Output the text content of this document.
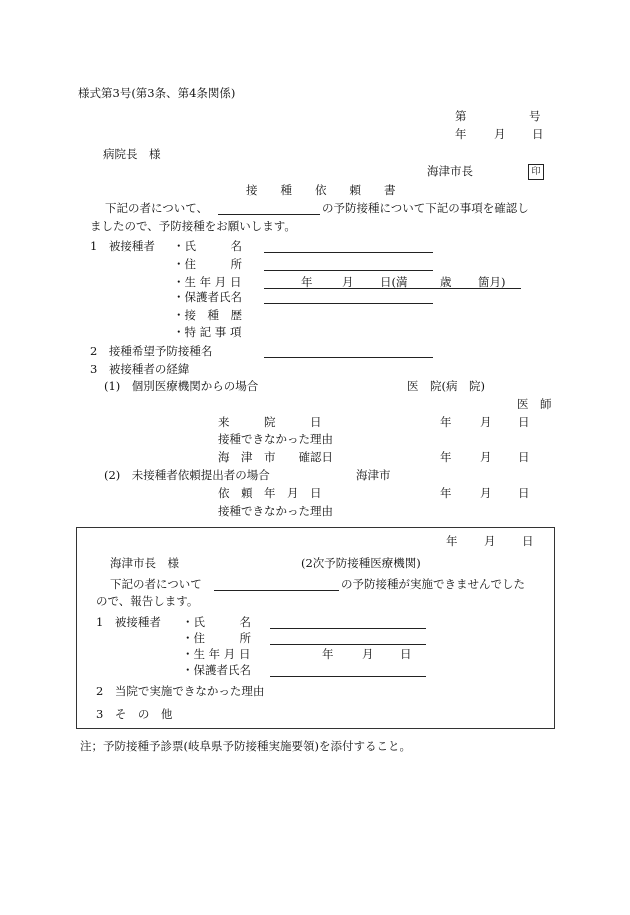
様式第3号(第3条、第4条関係)
第	号
年 月 日
病院長　様
海津市長	印
接　　種　　依　　頼　　書
下記の者について、	の予防接種について下記の事項を確認し
ましたので、予防接種をお願いします。
1　被接種者 ・氏　　　名
・住　　　所
・生 年 月 日	年	月 日(満	歳 箇月)
・保護者氏名
・接　種　歴
・特 記 事 項
2　接種希望予防接種名
3　被接種者の経緯
(1)　個別医療機関からの場合	医　院(病　院)
医　師
来　　　院　　　日	年 月 日
接種できなかった理由
海　津　市　　確認日	年 月 日
(2)　未接種者依頼提出者の場合	海津市
依　頼　年　月　日	年 月 日
接種できなかった理由
年 月 日
海津市長　様	(2次予防接種医療機関)
下記の者について	の予防接種が実施できませんでした
ので、報告します。
1　被接種者 ・氏　　　名
・住　　　所
・生 年 月 日	年 月 日
・保護者氏名
2　当院で実施できなかった理由
3　そ　の　他
注；予防接種予診票(岐阜県予防接種実施要領)を添付すること。
